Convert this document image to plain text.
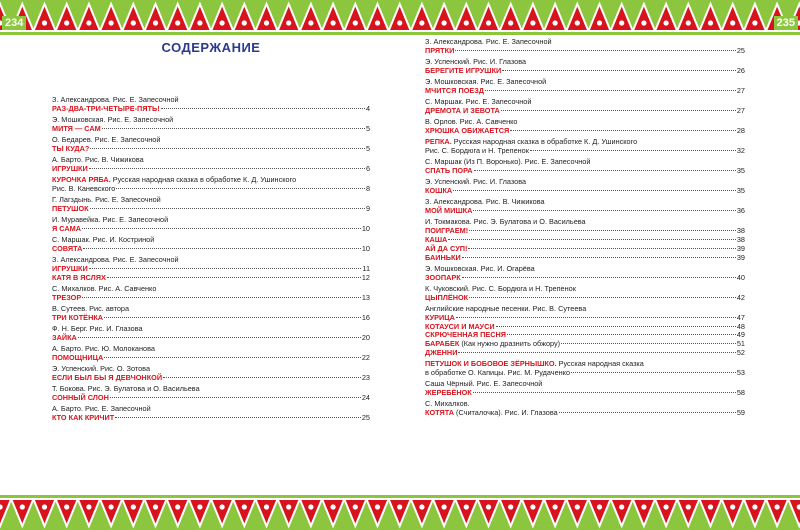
234	235
СОДЕРЖАНИЕ
З. Александрова. Рис. Е. Запесочной
РАЗ-ДВА-ТРИ-ЧЕТЫРЕ-ПЯТЬ!	4
Э. Мошковская. Рис. Е. Запесочной
МИТЯ — САМ	5
О. Бедарев. Рис. Е. Запесочной
ТЫ КУДА?	5
А. Барто. Рис. В. Чижикова
ИГРУШКИ	6
КУРОЧКА РЯБА. Русская народная сказка в обработке К. Д. Ушинского
Рис. В. Каневского	8
Г. Лагздынь. Рис. Е. Запесочной
ПЕТУШОК	9
И. Муравейка. Рис. Е. Запесочной
Я САМА	10
С. Маршак. Рис. И. Костриной
СОВЯТА	10
З. Александрова. Рис. Е. Запесочной
ИГРУШКИ	11
КАТЯ В ЯСЛЯХ	12
С. Михалков. Рис. А. Савченко
ТРЕЗОР	13
В. Сутеев. Рис. автора
ТРИ КОТЁНКА	16
Ф. Н. Берг. Рис. И. Глазова
ЗАЙКА	20
А. Барто. Рис. Ю. Молоканова
ПОМОЩНИЦА	22
Э. Успенский. Рис. О. Зотова
ЕСЛИ БЫЛ БЫ Я ДЕВЧОНКОЙ	23
Т. Бокова. Рис. Э. Булатова и О. Васильева
СОННЫЙ СЛОН	24
А. Барто. Рис. Е. Запесочной
КТО КАК КРИЧИТ	25
З. Александрова. Рис. Е. Запесочной
ПРЯТКИ	25
Э. Успенский. Рис. И. Глазова
БЕРЕГИТЕ ИГРУШКИ	26
Э. Мошковская. Рис. Е. Запесочной
МЧИТСЯ ПОЕЗД	27
С. Маршак. Рис. Е. Запесочной
ДРЕМОТА И ЗЕВОТА	27
В. Орлов. Рис. А. Савченко
ХРЮШКА ОБИЖАЕТСЯ	28
РЕПКА. Русская народная сказка в обработке К. Д. Ушинского
Рис. С. Бордюга и Н. Трепенок	32
С. Маршак (Из П. Воронько). Рис. Е. Запесочной
СПАТЬ ПОРА	35
Э. Успенский. Рис. И. Глазова
КОШКА	35
З. Александрова. Рис. В. Чижикова
МОЙ МИШКА	36
И. Токмакова. Рис. Э. Булатова и О. Васильева
ПОИГРАЕМ!	38
КАША	38
АЙ ДА СУП!	39
БАИНЬКИ	39
Э. Мошковская. Рис. И. Огарёва
ЗООПАРК	40
К. Чуковский. Рис. С. Бордюга и Н. Трепенок
ЦЫПЛЁНОК	42
Английские народные песенки. Рис. В. Сутеева
КУРИЦА	47
КОТАУСИ И МАУСИ	48
СКРЮЧЕННАЯ ПЕСНЯ	49
БАРАБЕК (Как нужно дразнить обжору)	51
ДЖЕННИ	52
ПЕТУШОК И БОБОВОЕ ЗЁРНЫШКО. Русская народная сказка
в обработке О. Капицы. Рис. М. Рудаченко	53
Саша Чёрный. Рис. Е. Запесочной
ЖЕРЕБЁНОК	58
С. Михалков.
КОТЯТА (Считалочка). Рис. И. Глазова	59
